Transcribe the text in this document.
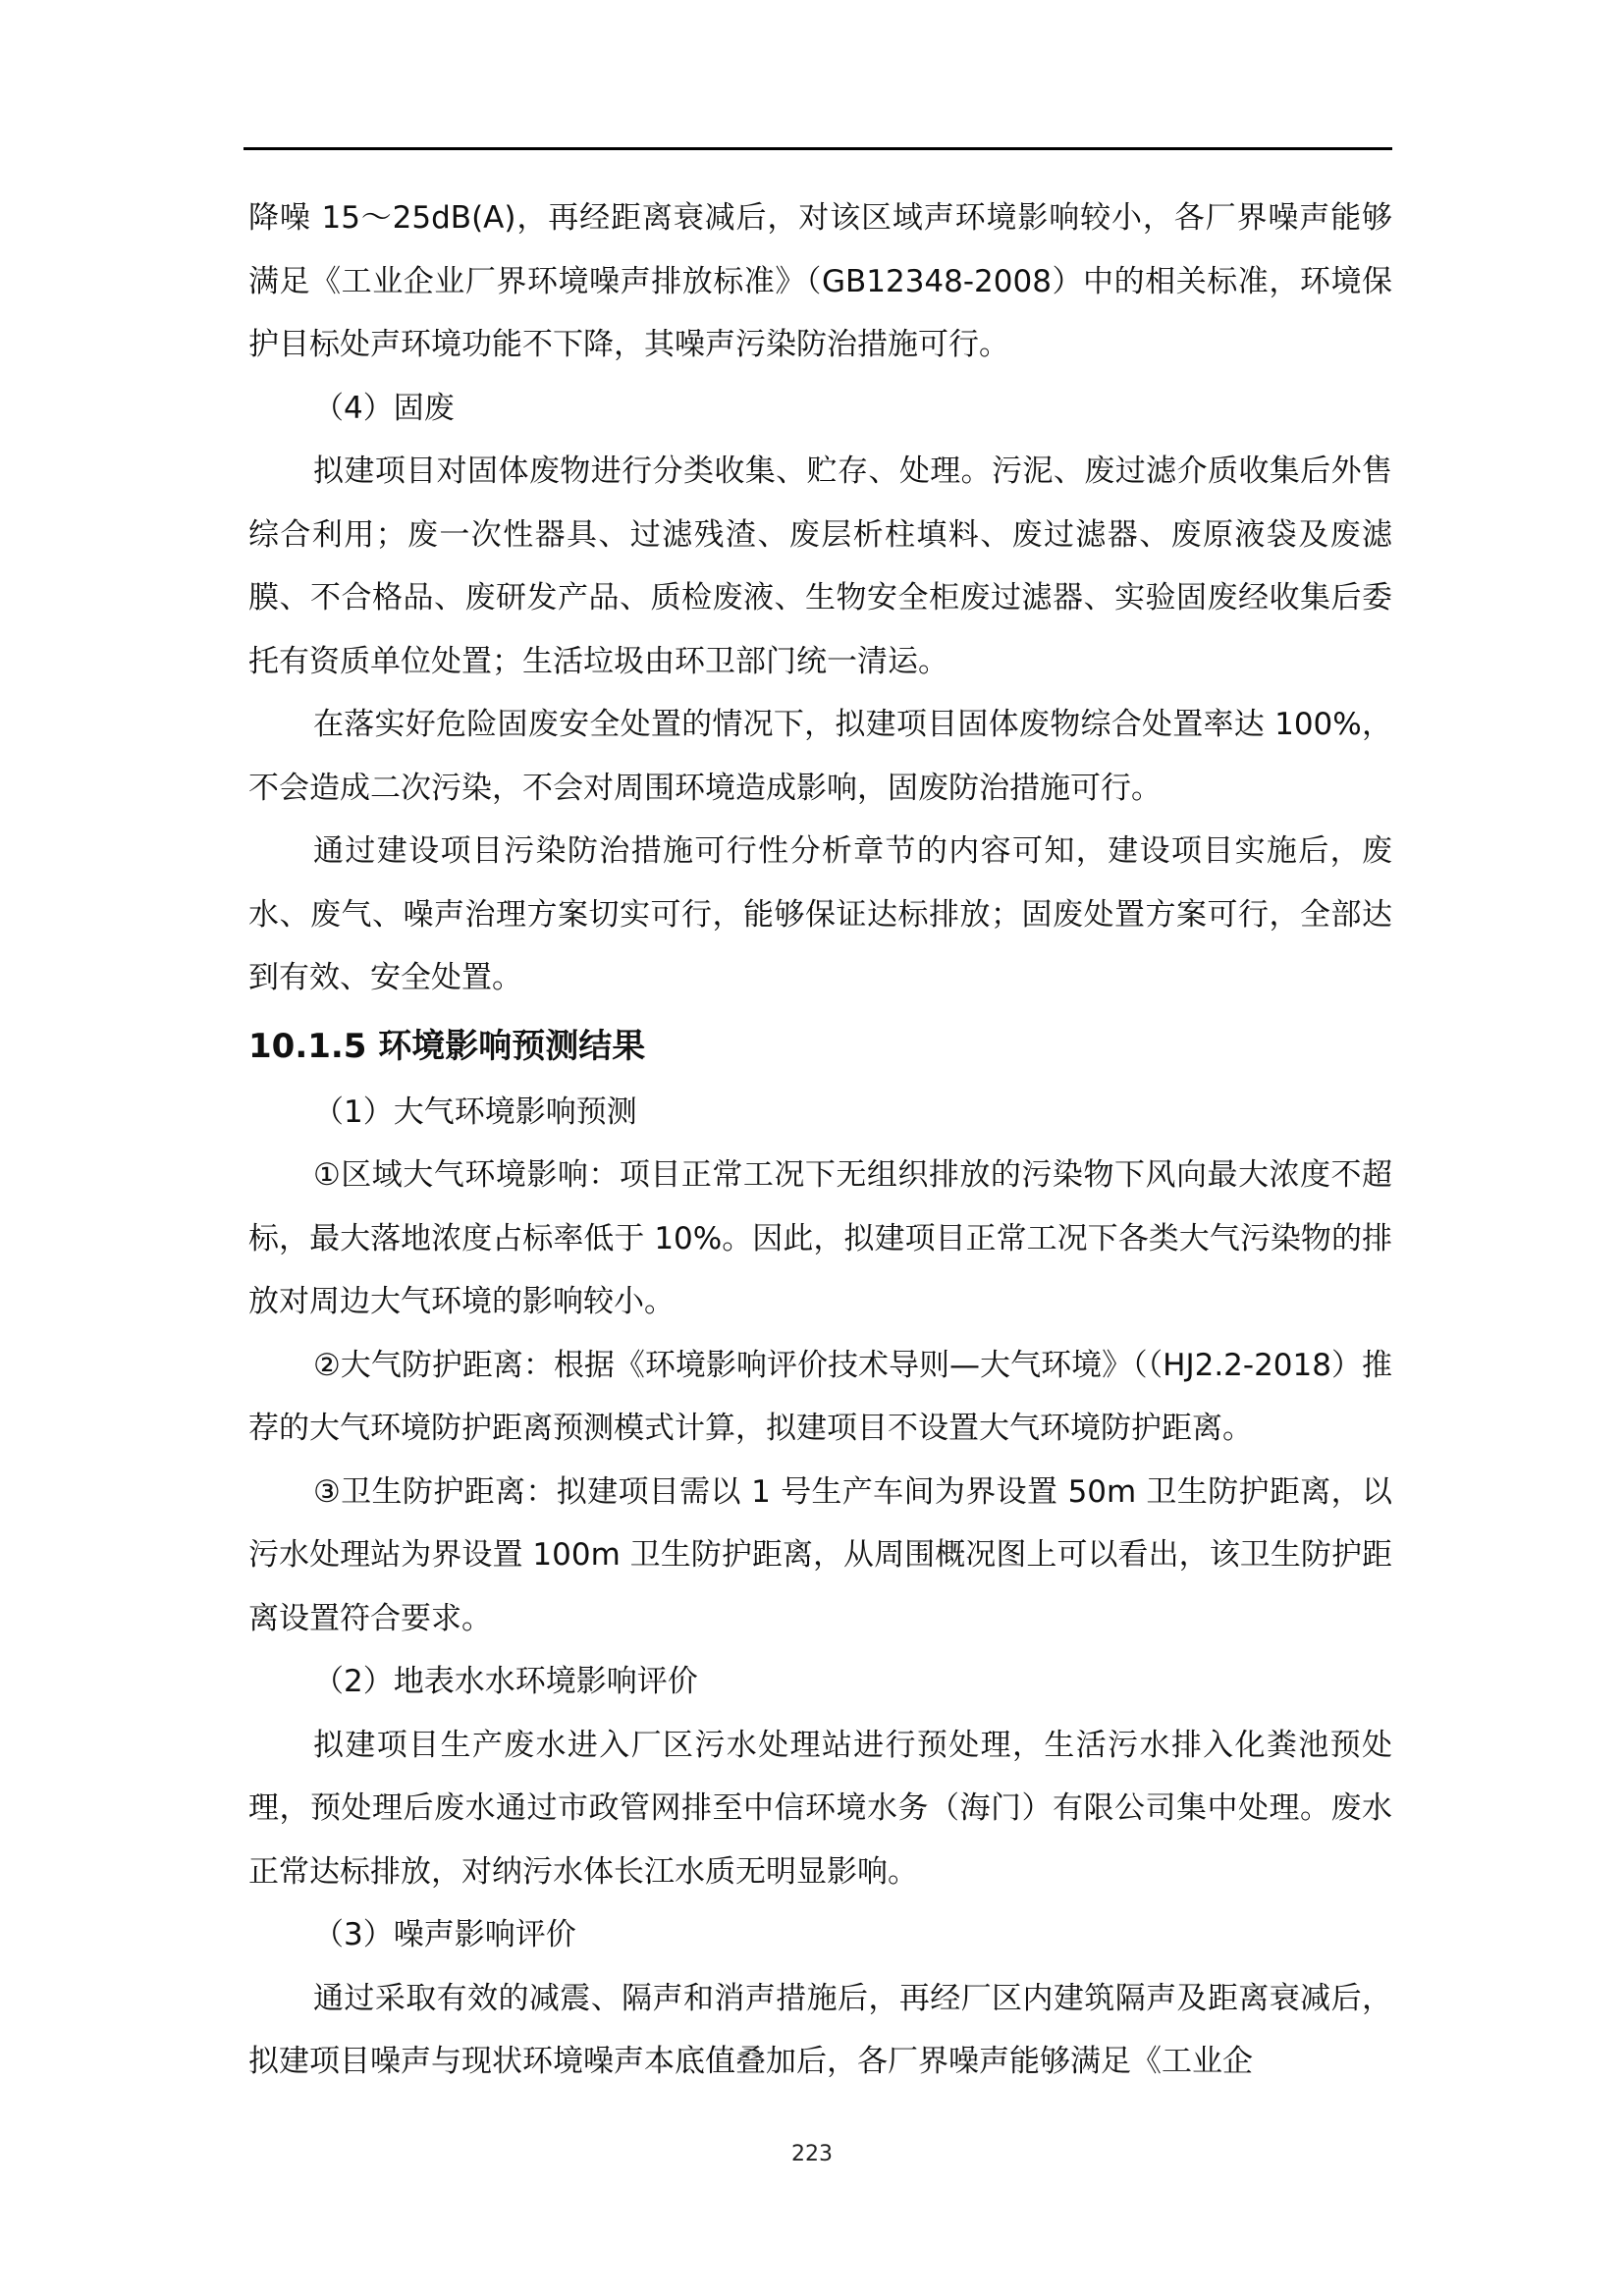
降噪 15～25dB(A)，再经距离衰减后，对该区域声环境影响较小，各厂界噪声能够满足《工业企业厂界环境噪声排放标准》（GB12348-2008）中的相关标准，环境保护目标处声环境功能不下降，其噪声污染防治措施可行。

（4）固废

拟建项目对固体废物进行分类收集、贮存、处理。污泥、废过滤介质收集后外售综合利用；废一次性器具、过滤残渣、废层析柱填料、废过滤器、废原液袋及废滤膜、不合格品、废研发产品、质检废液、生物安全柜废过滤器、实验固废经收集后委托有资质单位处置；生活垃圾由环卫部门统一清运。

在落实好危险固废安全处置的情况下，拟建项目固体废物综合处置率达 100%，不会造成二次污染，不会对周围环境造成影响，固废防治措施可行。

通过建设项目污染防治措施可行性分析章节的内容可知，建设项目实施后，废水、废气、噪声治理方案切实可行，能够保证达标排放；固废处置方案可行，全部达到有效、安全处置。

10.1.5 环境影响预测结果

（1）大气环境影响预测

①区域大气环境影响：项目正常工况下无组织排放的污染物下风向最大浓度不超标，最大落地浓度占标率低于 10%。因此，拟建项目正常工况下各类大气污染物的排放对周边大气环境的影响较小。

②大气防护距离：根据《环境影响评价技术导则—大气环境》（（HJ2.2-2018）推荐的大气环境防护距离预测模式计算，拟建项目不设置大气环境防护距离。

③卫生防护距离：拟建项目需以 1 号生产车间为界设置 50m 卫生防护距离，以污水处理站为界设置 100m 卫生防护距离，从周围概况图上可以看出，该卫生防护距离设置符合要求。

（2）地表水水环境影响评价

拟建项目生产废水进入厂区污水处理站进行预处理，生活污水排入化粪池预处理，预处理后废水通过市政管网排至中信环境水务（海门）有限公司集中处理。废水正常达标排放，对纳污水体长江水质无明显影响。

（3）噪声影响评价

通过采取有效的减震、隔声和消声措施后，再经厂区内建筑隔声及距离衰减后，拟建项目噪声与现状环境噪声本底值叠加后，各厂界噪声能够满足《工业企

223
